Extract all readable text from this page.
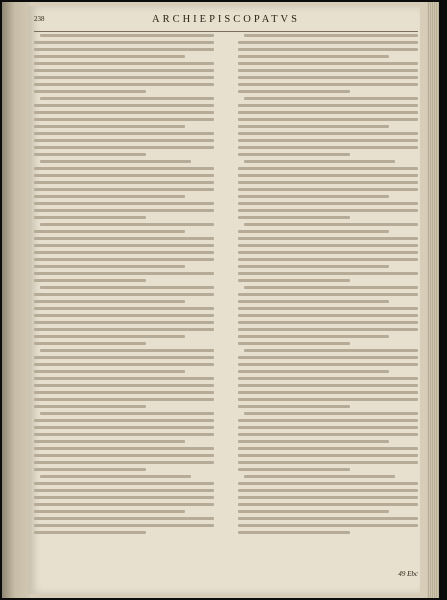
238	ARCHIEPISCOPATVS
49 Ebc
